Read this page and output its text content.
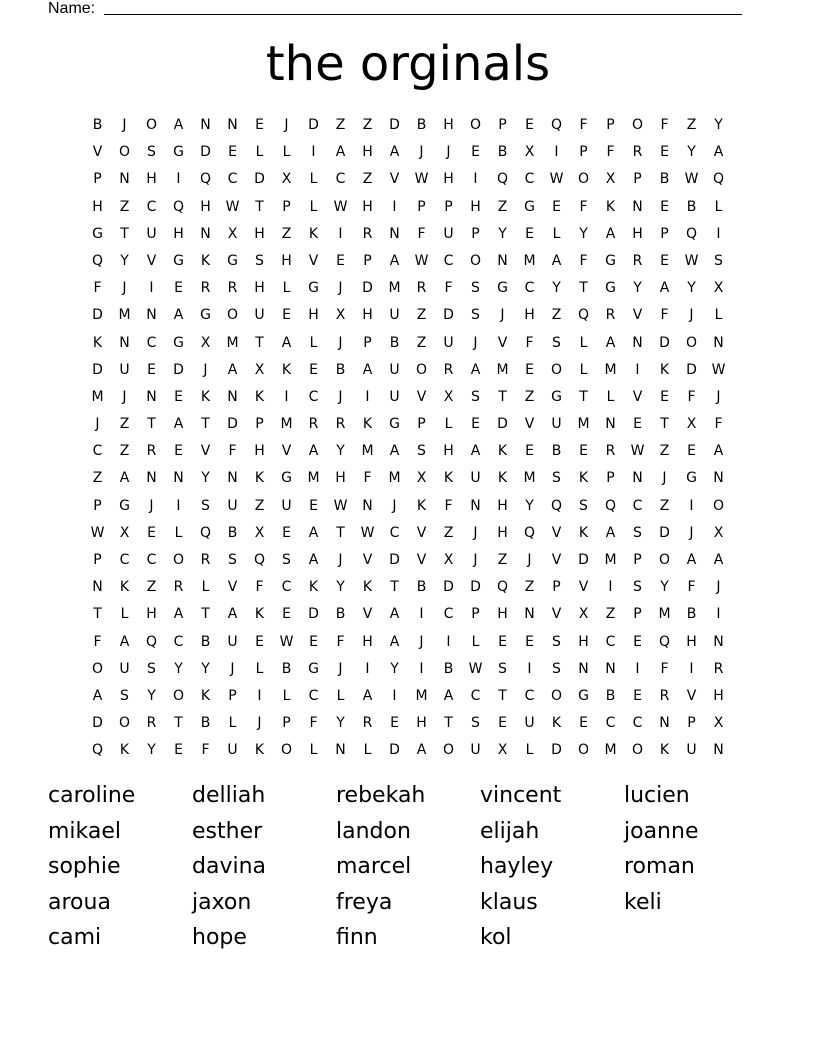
Name:
the orginals
B	J	O	A	N	N	E	J	D	Z	Z	D	B	H	O	P	E	Q	F	P	O	F	Z	Y
V	O	S	G	D	E	L	L	I	A	H	A	J	J	E	B	X	I	P	F	R	E	Y	A
P	N	H	I	Q	C	D	X	L	C	Z	V	W	H	I	Q	C	W	O	X	P	B	W	Q
H	Z	C	Q	H	W	T	P	L	W	H	I	P	P	H	Z	G	E	F	K	N	E	B	L
G	T	U	H	N	X	H	Z	K	I	R	N	F	U	P	Y	E	L	Y	A	H	P	Q	I
Q	Y	V	G	K	G	S	H	V	E	P	A	W	C	O	N	M	A	F	G	R	E	W	S
F	J	I	E	R	R	H	L	G	J	D	M	R	F	S	G	C	Y	T	G	Y	A	Y	X
D	M	N	A	G	O	U	E	H	X	H	U	Z	D	S	J	H	Z	Q	R	V	F	J	L
K	N	C	G	X	M	T	A	L	J	P	B	Z	U	J	V	F	S	L	A	N	D	O	N
D	U	E	D	J	A	X	K	E	B	A	U	O	R	A	M	E	O	L	M	I	K	D	W
M	J	N	E	K	N	K	I	C	J	I	U	V	X	S	T	Z	G	T	L	V	E	F	J
J	Z	T	A	T	D	P	M	R	R	K	G	P	L	E	D	V	U	M	N	E	T	X	F
C	Z	R	E	V	F	H	V	A	Y	M	A	S	H	A	K	E	B	E	R	W	Z	E	A
Z	A	N	N	Y	N	K	G	M	H	F	M	X	K	U	K	M	S	K	P	N	J	G	N
P	G	J	I	S	U	Z	U	E	W	N	J	K	F	N	H	Y	Q	S	Q	C	Z	I	O
W	X	E	L	Q	B	X	E	A	T	W	C	V	Z	J	H	Q	V	K	A	S	D	J	X
P	C	C	O	R	S	Q	S	A	J	V	D	V	X	J	Z	J	V	D	M	P	O	A	A
N	K	Z	R	L	V	F	C	K	Y	K	T	B	D	D	Q	Z	P	V	I	S	Y	F	J
T	L	H	A	T	A	K	E	D	B	V	A	I	C	P	H	N	V	X	Z	P	M	B	I
F	A	Q	C	B	U	E	W	E	F	H	A	J	I	L	E	E	S	H	C	E	Q	H	N
O	U	S	Y	Y	J	L	B	G	J	I	Y	I	B	W	S	I	S	N	N	I	F	I	R
A	S	Y	O	K	P	I	L	C	L	A	I	M	A	C	T	C	O	G	B	E	R	V	H
D	O	R	T	B	L	J	P	F	Y	R	E	H	T	S	E	U	K	E	C	C	N	P	X
Q	K	Y	E	F	U	K	O	L	N	L	D	A	O	U	X	L	D	O	M	O	K	U	N
caroline	delliah	rebekah	vincent	lucien
mikael	esther	landon	elijah	joanne
sophie	davina	marcel	hayley	roman
aroua	jaxon	freya	klaus	keli
cami	hope	finn	kol
